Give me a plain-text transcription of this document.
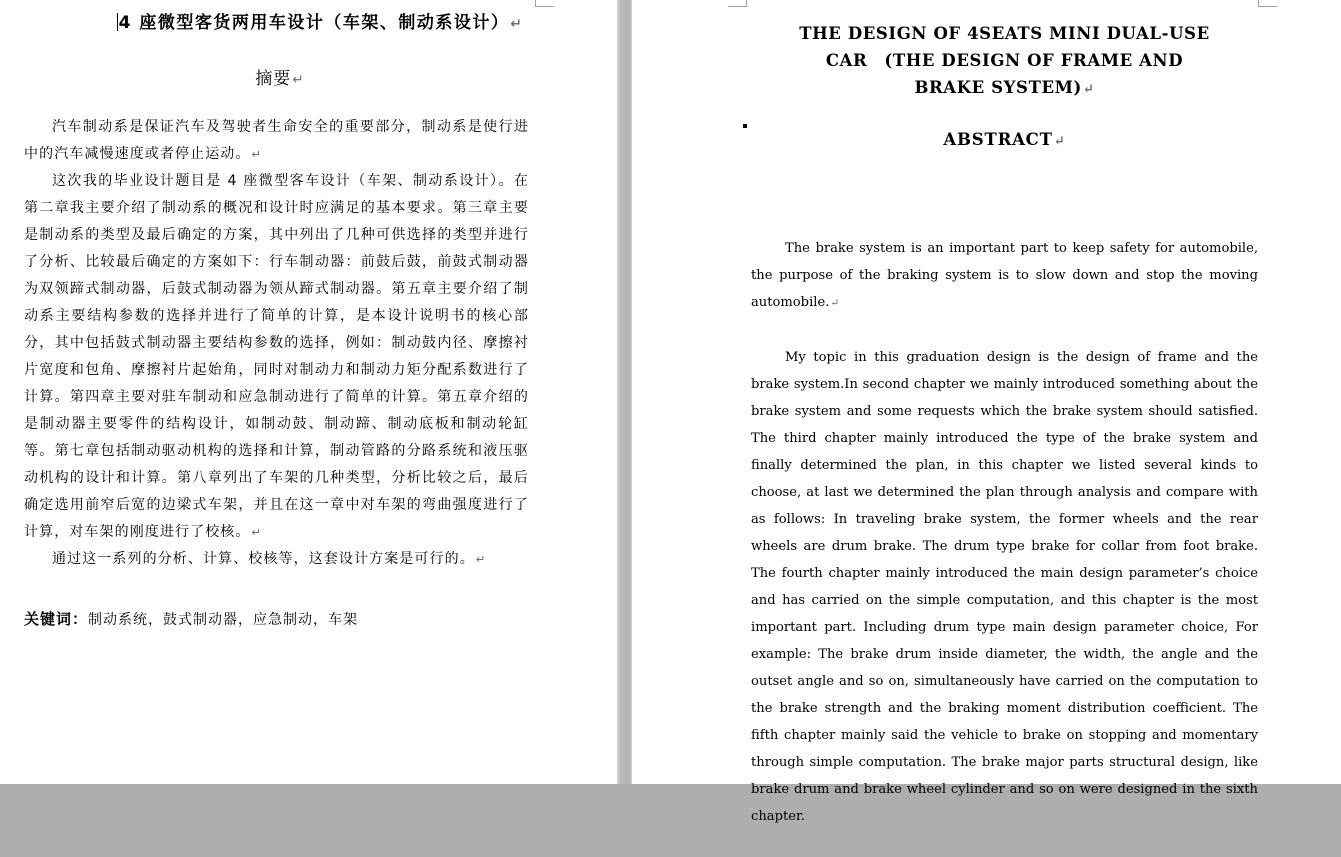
4 座微型客货两用车设计（车架、制动系设计）↵
摘要↵

汽车制动系是保证汽车及驾驶者生命安全的重要部分，制动系是使行进中的汽车减慢速度或者停止运动。↵

这次我的毕业设计题目是 4 座微型客车设计（车架、制动系设计）。在第二章我主要介绍了制动系的概况和设计时应满足的基本要求。第三章主要是制动系的类型及最后确定的方案，其中列出了几种可供选择的类型并进行了分析、比较最后确定的方案如下：行车制动器：前鼓后鼓，前鼓式制动器为双领蹄式制动器，后鼓式制动器为领从蹄式制动器。第五章主要介绍了制动系主要结构参数的选择并进行了简单的计算，是本设计说明书的核心部分，其中包括鼓式制动器主要结构参数的选择，例如：制动鼓内径、摩擦衬片宽度和包角、摩擦衬片起始角，同时对制动力和制动力矩分配系数进行了计算。第四章主要对驻车制动和应急制动进行了简单的计算。第五章介绍的是制动器主要零件的结构设计，如制动鼓、制动蹄、制动底板和制动轮缸等。第七章包括制动驱动机构的选择和计算，制动管路的分路系统和液压驱动机构的设计和计算。第八章列出了车架的几种类型，分析比较之后，最后确定选用前窄后宽的边梁式车架，并且在这一章中对车架的弯曲强度进行了计算，对车架的刚度进行了校核。↵

通过这一系列的分析、计算、校核等，这套设计方案是可行的。↵

关键词：制动系统，鼓式制动器，应急制动，车架
THE DESIGN OF 4SEATS MINI DUAL-USE
CAR　(THE DESIGN OF FRAME AND
BRAKE SYSTEM)↵
ABSTRACT↵

The brake system is an important part to keep safety for automobile, the purpose of the braking system is to slow down and stop the moving automobile.↵

My topic in this graduation design is the design of frame and the brake system.In second chapter we mainly introduced something about the brake system and some requests which the brake system should satisfied. The third chapter mainly introduced the type of the brake system and finally determined the plan, in this chapter we listed several kinds to choose, at last we determined the plan through analysis and compare with as follows: In traveling brake system, the former wheels and the rear wheels are drum brake. The drum type brake for collar from foot brake. The fourth chapter mainly introduced the main design parameter’s choice and has carried on the simple computation, and this chapter is the most important part. Including drum type main design parameter choice, For example: The brake drum inside diameter, the width, the angle and the outset angle and so on, simultaneously have carried on the computation to the brake strength and the braking moment distribution coefficient. The fifth chapter mainly said the vehicle to brake on stopping and momentary through simple computation. The brake major parts structural design, like brake drum and brake wheel cylinder and so on were designed in the sixth chapter.
